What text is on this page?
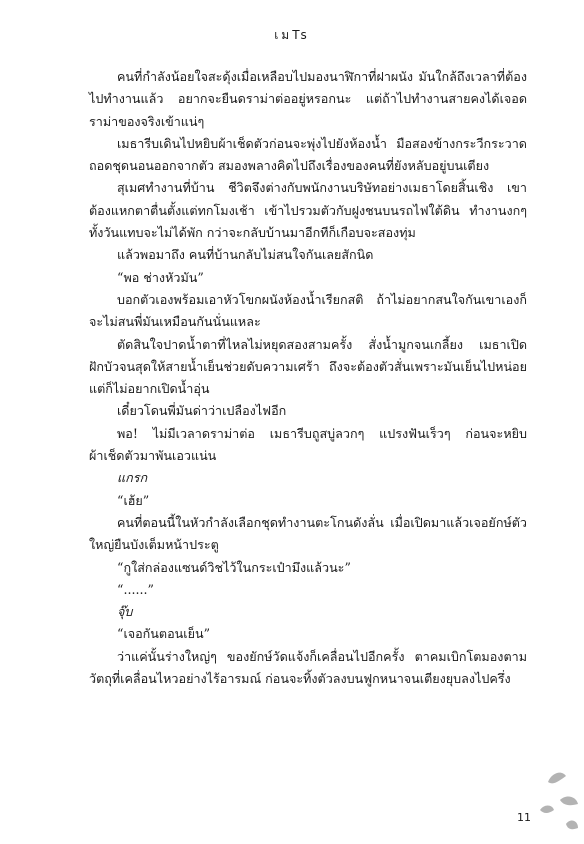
เมTs

คนที่กำลังน้อยใจสะดุ้งเมื่อเหลือบไปมองนาฬิกาที่ฝาผนัง มันใกล้ถึงเวลาที่ต้องไปทำงานแล้ว อยากจะยืนดราม่าต่ออยู่หรอกนะ แต่ถ้าไปทำงานสายคงได้เจอดราม่าของจริงเข้าแน่ๆ

เมธารีบเดินไปหยิบผ้าเช็ดตัวก่อนจะพุ่งไปยังห้องน้ำ มือสองข้างกระวีกระวาดถอดชุดนอนออกจากตัว สมองพลางคิดไปถึงเรื่องของคนที่ยังหลับอยู่บนเตียง

สุเมศทำงานที่บ้าน ชีวิตจึงต่างกับพนักงานบริษัทอย่างเมธาโดยสิ้นเชิง เขาต้องแหกตาตื่นตั้งแต่ทกโมงเช้า เข้าไปรวมตัวกับฝูงชนบนรถไฟใต้ดิน ทำงานงกๆ ทั้งวันแทบจะไม่ได้พัก กว่าจะกลับบ้านมาอีกทีก็เกือบจะสองทุ่ม

แล้วพอมาถึง คนที่บ้านกลับไม่สนใจกันเลยสักนิด

“พอ ช่างหัวมัน”

บอกตัวเองพร้อมเอาหัวโขกผนังห้องน้ำเรียกสติ ถ้าไม่อยากสนใจกันเขาเองก็จะไม่สนพี่มันเหมือนกันนั่นแหละ

ตัดสินใจปาดน้ำตาที่ไหลไม่หยุดสองสามครั้ง สั่งน้ำมูกจนเกลี้ยง เมธาเปิดฝักบัวจนสุดให้สายน้ำเย็นช่วยดับความเศร้า ถึงจะต้องตัวสั่นเพราะมันเย็นไปหน่อยแต่ก็ไม่อยากเปิดน้ำอุ่น

เดี๋ยวโดนพี่มันด่าว่าเปลืองไฟอีก

พอ! ไม่มีเวลาดราม่าต่อ เมธารีบถูสบู่ลวกๆ แปรงฟันเร็วๆ ก่อนจะหยิบผ้าเช็ดตัวมาพันเอวแน่น

แกรก

“เฮ้ย”

คนที่ตอนนี้ในหัวกำลังเลือกชุดทำงานตะโกนดังลั่น เมื่อเปิดมาแล้วเจอยักษ์ตัวใหญ่ยืนบังเต็มหน้าประตู

“กูใส่กล่องแซนด์วิชไว้ในกระเป๋ามึงแล้วนะ”

“......”

จุ๊บ

“เจอกันตอนเย็น”

ว่าแค่นั้นร่างใหญ่ๆ ของยักษ์วัดแจ้งก็เคลื่อนไปอีกครั้ง ตาคมเบิกโตมองตามวัตถุที่เคลื่อนไหวอย่างไร้อารมณ์ ก่อนจะทิ้งตัวลงบนฟูกหนาจนเตียงยุบลงไปครึ่ง

11
